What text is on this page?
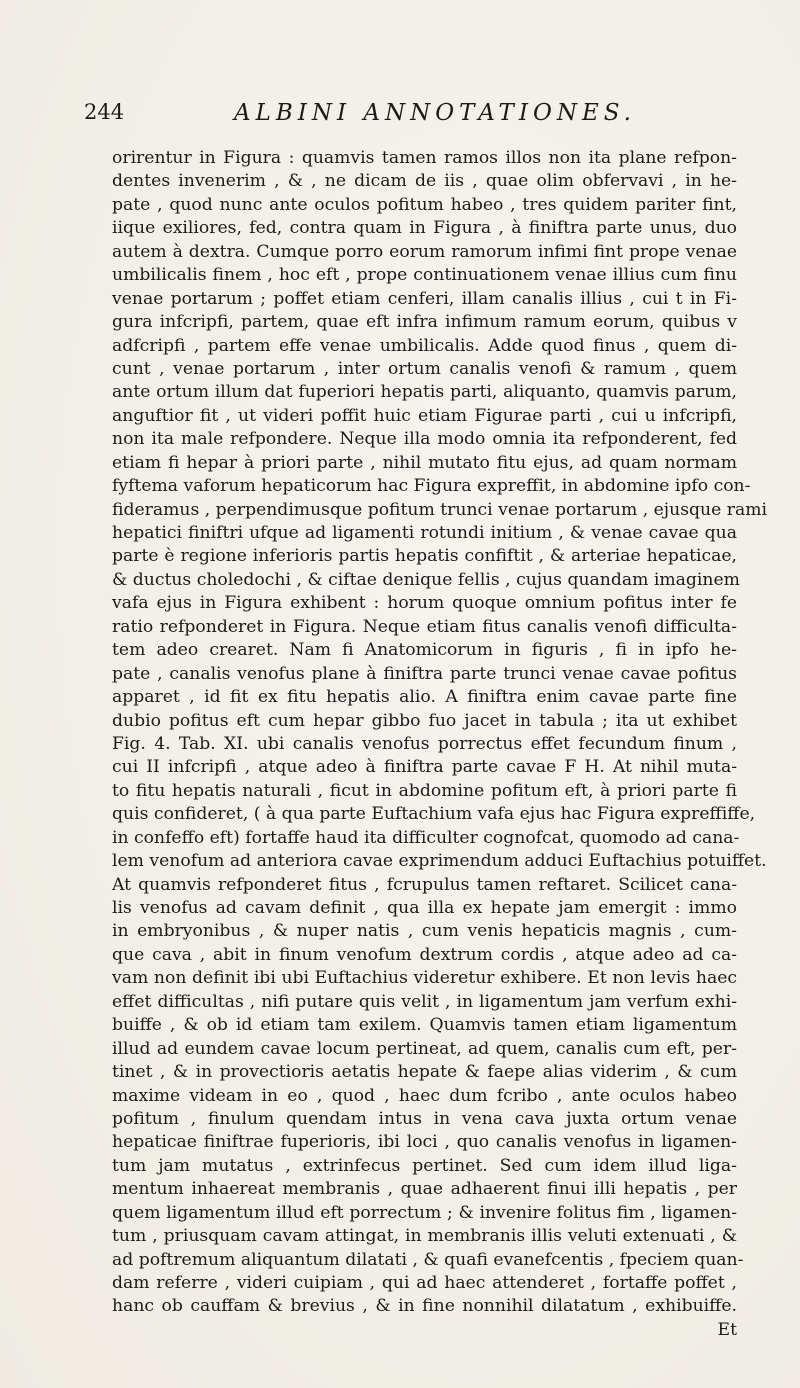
244	ALBINI ANNOTATIONES.
orirentur in Figura : quamvis tamen ramos illos non ita plane refpon-
dentes invenerim , & , ne dicam de iis , quae olim obfervavi , in he-
pate , quod nunc ante oculos pofitum habeo , tres quidem pariter fint,
iique exiliores, fed, contra quam in Figura , à finiftra parte unus, duo
autem à dextra. Cumque porro eorum ramorum infimi fint prope venae
umbilicalis finem , hoc eft , prope continuationem venae illius cum finu
venae portarum ; poffet etiam cenferi, illam canalis illius , cui t in Fi-
gura infcripfi, partem, quae eft infra infimum ramum eorum, quibus v
adfcripfi , partem effe venae umbilicalis. Adde quod finus , quem di-
cunt , venae portarum , inter ortum canalis venofi & ramum , quem
ante ortum illum dat fuperiori hepatis parti, aliquanto, quamvis parum,
anguftior fit , ut videri poffit huic etiam Figurae parti , cui u infcripfi,
non ita male refpondere. Neque illa modo omnia ita refponderent, fed
etiam fi hepar à priori parte , nihil mutato fitu ejus, ad quam normam
fyftema vaforum hepaticorum hac Figura expreffit, in abdomine ipfo con-
fideramus , perpendimusque pofitum trunci venae portarum , ejusque rami
hepatici finiftri ufque ad ligamenti rotundi initium , & venae cavae qua
parte è regione inferioris partis hepatis confiftit , & arteriae hepaticae,
& ductus choledochi , & ciftae denique fellis , cujus quandam imaginem
vafa ejus in Figura exhibent : horum quoque omnium pofitus inter fe
ratio refponderet in Figura. Neque etiam fitus canalis venofi difficulta-
tem adeo crearet. Nam fi Anatomicorum in figuris , fi in ipfo he-
pate , canalis venofus plane à finiftra parte trunci venae cavae pofitus
apparet , id fit ex fitu hepatis alio. A finiftra enim cavae parte fine
dubio pofitus eft cum hepar gibbo fuo jacet in tabula ; ita ut exhibet
Fig. 4. Tab. XI. ubi canalis venofus porrectus effet fecundum finum ,
cui II infcripfi , atque adeo à finiftra parte cavae F H. At nihil muta-
to fitu hepatis naturali , ficut in abdomine pofitum eft, à priori parte fi
quis confideret, ( à qua parte Euftachium vafa ejus hac Figura expreffiffe,
in confeffo eft) fortaffe haud ita difficulter cognofcat, quomodo ad cana-
lem venofum ad anteriora cavae exprimendum adduci Euftachius potuiffet.
At quamvis refponderet fitus , fcrupulus tamen reftaret. Scilicet cana-
lis venofus ad cavam definit , qua illa ex hepate jam emergit : immo
in embryonibus , & nuper natis , cum venis hepaticis magnis , cum-
que cava , abit in finum venofum dextrum cordis , atque adeo ad ca-
vam non definit ibi ubi Euftachius videretur exhibere. Et non levis haec
effet difficultas , nifi putare quis velit , in ligamentum jam verfum exhi-
buiffe , & ob id etiam tam exilem. Quamvis tamen etiam ligamentum
illud ad eundem cavae locum pertineat, ad quem, canalis cum eft, per-
tinet , & in provectioris aetatis hepate & faepe alias viderim , & cum
maxime videam in eo , quod , haec dum fcribo , ante oculos habeo
pofitum , finulum quendam intus in vena cava juxta ortum venae
hepaticae finiftrae fuperioris, ibi loci , quo canalis venofus in ligamen-
tum jam mutatus , extrinfecus pertinet. Sed cum idem illud liga-
mentum inhaereat membranis , quae adhaerent finui illi hepatis , per
quem ligamentum illud eft porrectum ; & invenire folitus fim , ligamen-
tum , priusquam cavam attingat, in membranis illis veluti extenuati , &
ad poftremum aliquantum dilatati , & quafi evanefcentis , fpeciem quan-
dam referre , videri cuipiam , qui ad haec attenderet , fortaffe poffet ,
hanc ob cauffam & brevius , & in fine nonnihil dilatatum , exhibuiffe.
Et
